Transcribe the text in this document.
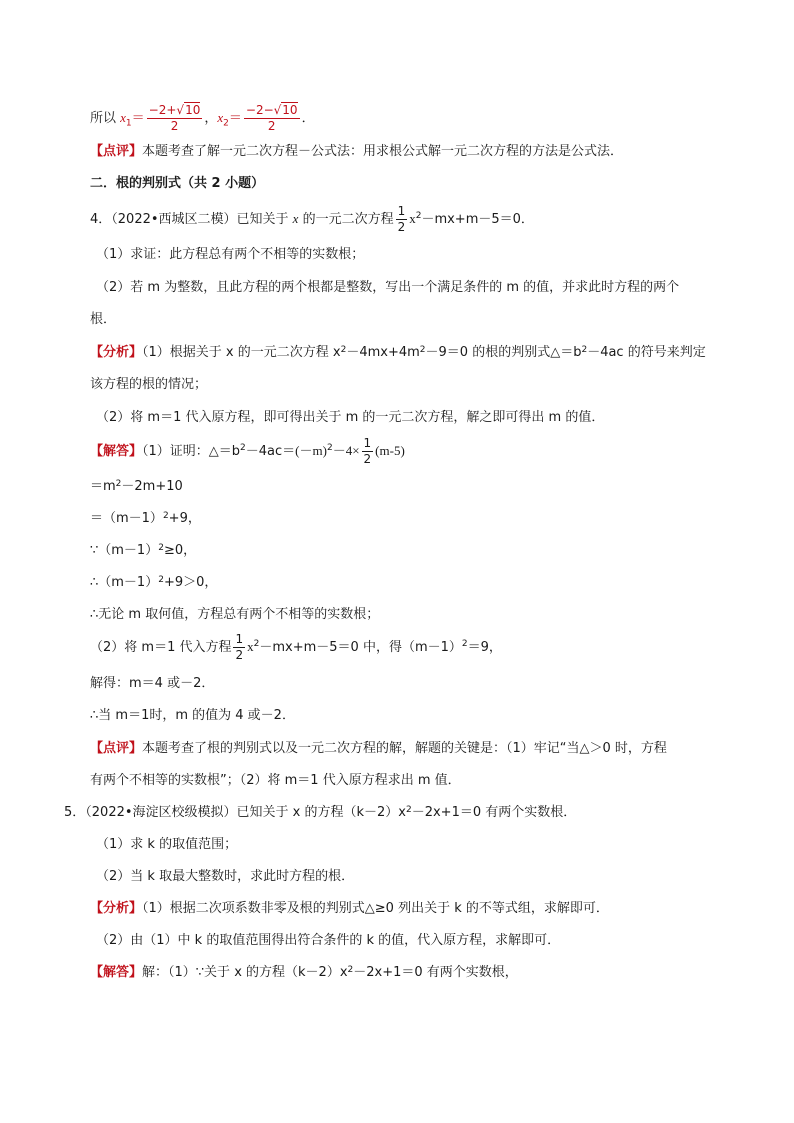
所以 $x_1= \frac{-2+√10}{2}$ ，$x_2= \frac{-2-√10}{2}$ ．
【点评】本题考查了解一元二次方程－公式法：用求根公式解一元二次方程的方法是公式法．
二．根的判别式（共 2 小题）
4．（2022•西城区二模）已知关于 x 的一元二次方程 $\frac{1}{2} x^2-mx+m-5=0$．
（1）求证：此方程总有两个不相等的实数根；
（2）若 m 为整数，且此方程的两个根都是整数，写出一个满足条件的 m 的值，并求此时方程的两个
根．
【分析】（1）根据关于 x 的一元二次方程 $x^2-4mx+4m^2-9=0$ 的根的判别式$\triangle=b^2-4ac$ 的符号来判定
该方程的根的情况；
（2）将 m＝1 代入原方程，即可得出关于 m 的一元二次方程，解之即可得出 m 的值．
【解答】（1）证明：$\triangle=b^2-4ac=(-m)^2-4\times \frac{1}{2} (m-5)$
$=m^2-2m+10$
$=(m-1)^2+9$，
$\because(m-1)^2\ge 0$，
$\therefore(m-1)^2+9>0$，
∴无论 m 取何值，方程总有两个不相等的实数根；
（2）将 m＝1 代入方程 $\frac{1}{2} x^2-mx+m-5=0$ 中，得$(m-1)^2=9$，
解得：m＝4 或－2．
∴当 m＝1时，m 的值为 4 或－2．
【点评】本题考查了根的判别式以及一元二次方程的解，解题的关键是：（1）牢记“当△＞0 时，方程
有两个不相等的实数根”；（2）将 m＝1 代入原方程求出 m 值．
5．（2022•海淀区校级模拟）已知关于 x 的方程$(k-2)x^2-2x+1=0$ 有两个实数根．
（1）求 k 的取值范围；
（2）当 k 取最大整数时，求此时方程的根．
【分析】（1）根据二次项系数非零及根的判别式△≥0 列出关于 k 的不等式组，求解即可．
（2）由（1）中 k 的取值范围得出符合条件的 k 的值，代入原方程，求解即可．
【解答】解：（1）∵关于 x 的方程$(k-2)x^2-2x+1=0$ 有两个实数根，
